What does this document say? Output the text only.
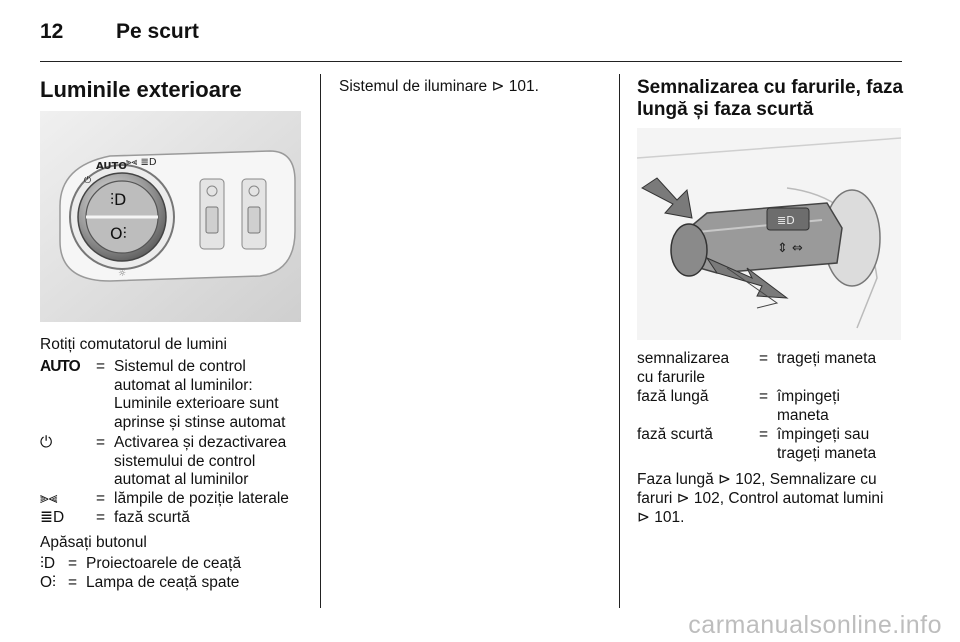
12	Pe scurt
Luminile exterioare
⫶D
O⫶
⏻
AUTO ⫸⫷ ≣D
☼
Rotiți comutatorul de lumini
AUTO = Sistemul de control
automat al luminilor:
Luminile exterioare sunt
aprinse și stinse automat
⏻	= Activarea și dezactivarea
sistemului de control
automat al luminilor
⫸⫷ = lămpile de poziție laterale
≣D = fază scurtă
Apăsați butonul
⫶D = Proiectoarele de ceață
O⫶ = Lampa de ceață spate
Sistemul de iluminare ⊳ 101.	Semnalizarea cu farurile, faza
lungă și faza scurtă
≣D
⇕ ⇔
semnalizarea
cu farurile
= trageți maneta
fază lungă	= împingeți
maneta
fază scurtă	= împingeți sau
trageți maneta
Faza lungă ⊳ 102, Semnalizare cu
faruri ⊳ 102, Control automat lumini
⊳ 101.
carmanualsonline.info
